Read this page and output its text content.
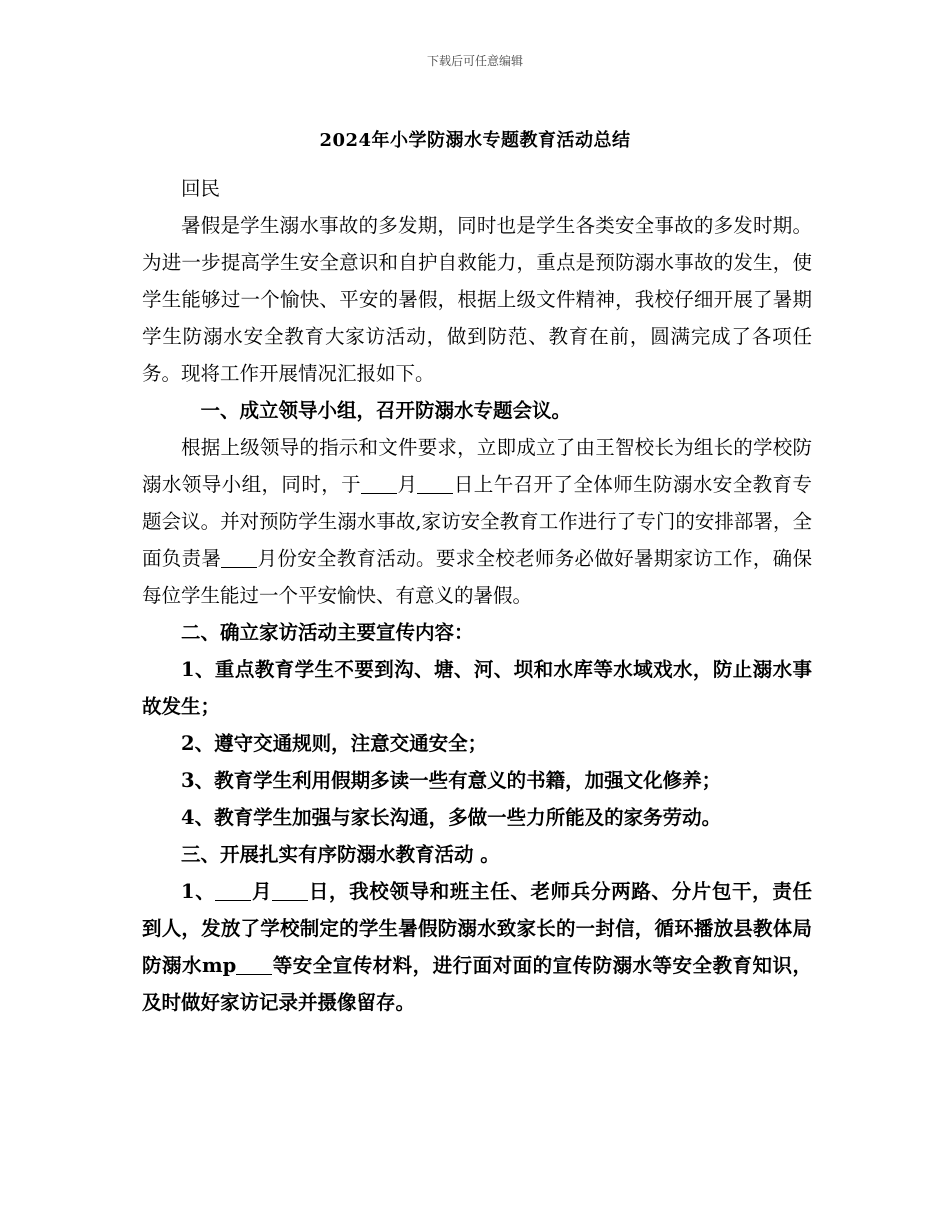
下载后可任意编辑
2024年小学防溺水专题教育活动总结

回民

暑假是学生溺水事故的多发期，同时也是学生各类安全事故的多发时期。为进一步提高学生安全意识和自护自救能力，重点是预防溺水事故的发生，使学生能够过一个愉快、平安的暑假，根据上级文件精神，我校仔细开展了暑期学生防溺水安全教育大家访活动，做到防范、教育在前，圆满完成了各项任务。现将工作开展情况汇报如下。

一、成立领导小组，召开防溺水专题会议。

根据上级领导的指示和文件要求，立即成立了由王智校长为组长的学校防溺水领导小组，同时，于 月 日上午召开了全体师生防溺水安全教育专题会议。并对预防学生溺水事故,家访安全教育工作进行了专门的安排部署，全面负责暑 月份安全教育活动。要求全校老师务必做好暑期家访工作，确保每位学生能过一个平安愉快、有意义的暑假。

二、确立家访活动主要宣传内容：

1、重点教育学生不要到沟、塘、河、坝和水库等水域戏水，防止溺水事故发生；

2、遵守交通规则，注意交通安全；

3、教育学生利用假期多读一些有意义的书籍，加强文化修养；

4、教育学生加强与家长沟通，多做一些力所能及的家务劳动。

三、开展扎实有序防溺水教育活动 。

1、 月 日，我校领导和班主任、老师兵分两路、分片包干，责任到人，发放了学校制定的学生暑假防溺水致家长的一封信，循环播放县教体局防溺水mp 等安全宣传材料，进行面对面的宣传防溺水等安全教育知识，及时做好家访记录并摄像留存。
